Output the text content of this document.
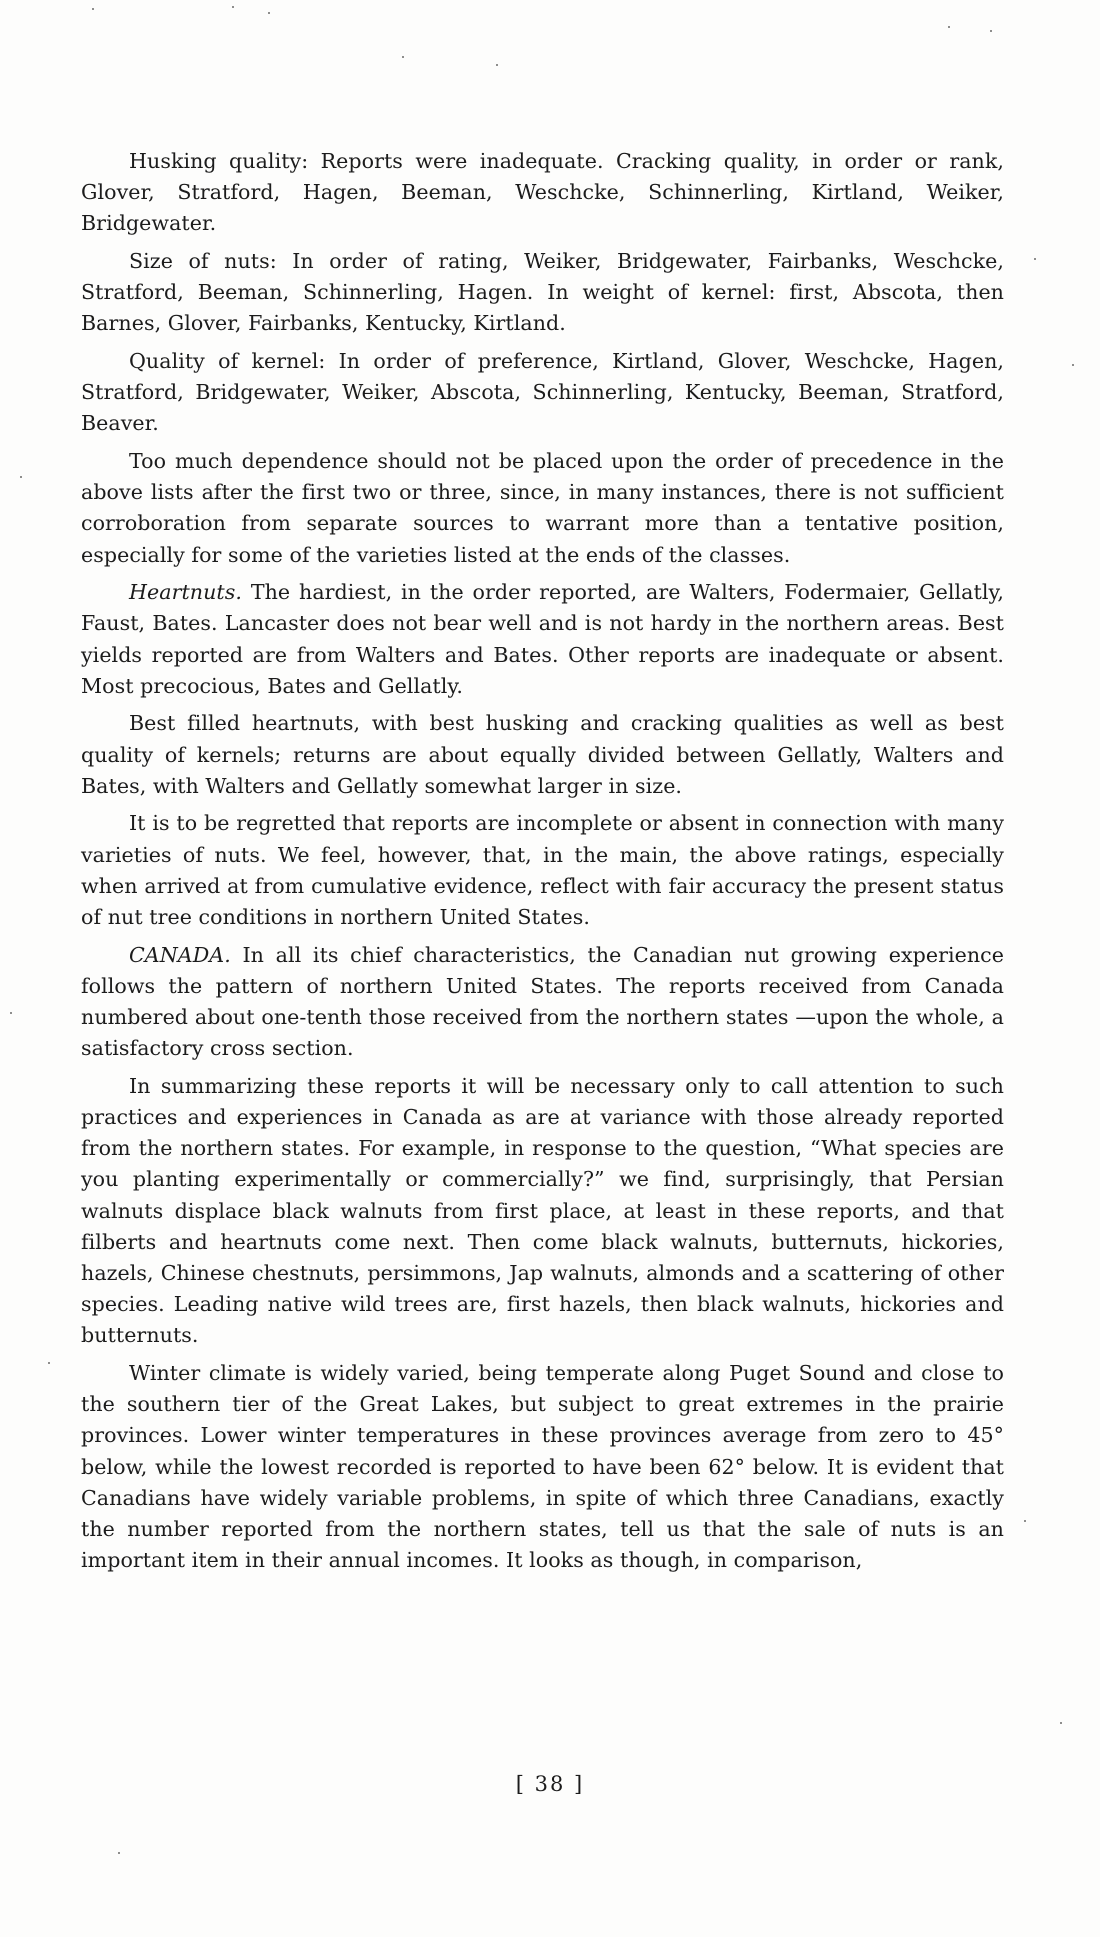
Husking quality: Reports were inadequate. Cracking quality, in order or rank, Glover, Stratford, Hagen, Beeman, Weschcke, Schinnerling, Kirtland, Weiker, Bridgewater.

Size of nuts: In order of rating, Weiker, Bridgewater, Fairbanks, Weschcke, Stratford, Beeman, Schinnerling, Hagen. In weight of kernel: first, Abscota, then Barnes, Glover, Fairbanks, Kentucky, Kirtland.

Quality of kernel: In order of preference, Kirtland, Glover, Weschcke, Hagen, Stratford, Bridgewater, Weiker, Abscota, Schinnerling, Kentucky, Beeman, Stratford, Beaver.

Too much dependence should not be placed upon the order of precedence in the above lists after the first two or three, since, in many instances, there is not sufficient corroboration from separate sources to warrant more than a tentative position, especially for some of the varieties listed at the ends of the classes.

Heartnuts. The hardiest, in the order reported, are Walters, Fodermaier, Gellatly, Faust, Bates. Lancaster does not bear well and is not hardy in the northern areas. Best yields reported are from Walters and Bates. Other reports are inadequate or absent. Most precocious, Bates and Gellatly.

Best filled heartnuts, with best husking and cracking qualities as well as best quality of kernels; returns are about equally divided between Gellatly, Walters and Bates, with Walters and Gellatly somewhat larger in size.

It is to be regretted that reports are incomplete or absent in connection with many varieties of nuts. We feel, however, that, in the main, the above ratings, especially when arrived at from cumulative evidence, reflect with fair accuracy the present status of nut tree conditions in northern United States.

CANADA. In all its chief characteristics, the Canadian nut growing experience follows the pattern of northern United States. The reports received from Canada numbered about one-tenth those received from the northern states —upon the whole, a satisfactory cross section.

In summarizing these reports it will be necessary only to call attention to such practices and experiences in Canada as are at variance with those already reported from the northern states. For example, in response to the question, “What species are you planting experimentally or commercially?” we find, surprisingly, that Persian walnuts displace black walnuts from first place, at least in these reports, and that filberts and heartnuts come next. Then come black walnuts, butternuts, hickories, hazels, Chinese chestnuts, persimmons, Jap walnuts, almonds and a scattering of other species. Leading native wild trees are, first hazels, then black walnuts, hickories and butternuts.

Winter climate is widely varied, being temperate along Puget Sound and close to the southern tier of the Great Lakes, but subject to great extremes in the prairie provinces. Lower winter temperatures in these provinces average from zero to 45° below, while the lowest recorded is reported to have been 62° below. It is evident that Canadians have widely variable problems, in spite of which three Canadians, exactly the number reported from the northern states, tell us that the sale of nuts is an important item in their annual incomes. It looks as though, in comparison,

[ 38 ]
